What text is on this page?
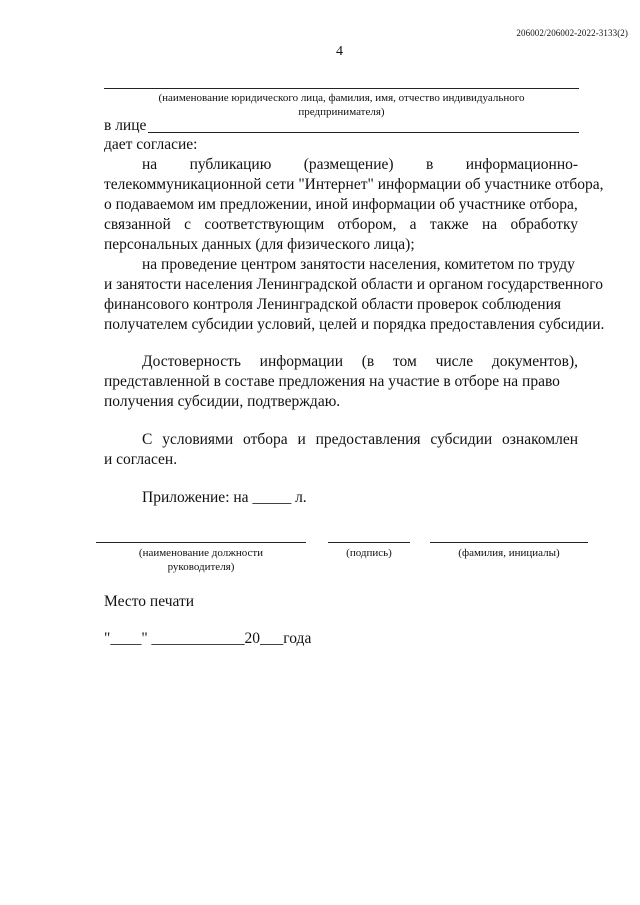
206002/206002-2022-3133(2)
4
(наименование юридического лица, фамилия, имя, отчество индивидуального
предпринимателя)
в лице
дает согласие:
на публикацию (размещение) в информационно-
телекоммуникационной сети "Интернет" информации об участнике отбора,
о подаваемом им предложении, иной информации об участнике отбора,
связанной с соответствующим отбором, а также на обработку
персональных данных (для физического лица);
на проведение центром занятости населения, комитетом по труду
и занятости населения Ленинградской области и органом государственного
финансового контроля Ленинградской области проверок соблюдения
получателем субсидии условий, целей и порядка предоставления субсидии.
Достоверность информации (в том числе документов),
представленной в составе предложения на участие в отборе на право
получения субсидии, подтверждаю.
С условиями отбора и предоставления субсидии ознакомлен
и согласен.
Приложение: на _____ л.
(наименование должности
руководителя)
(подпись)	(фамилия, инициалы)
Место печати
"____" ____________20___года
